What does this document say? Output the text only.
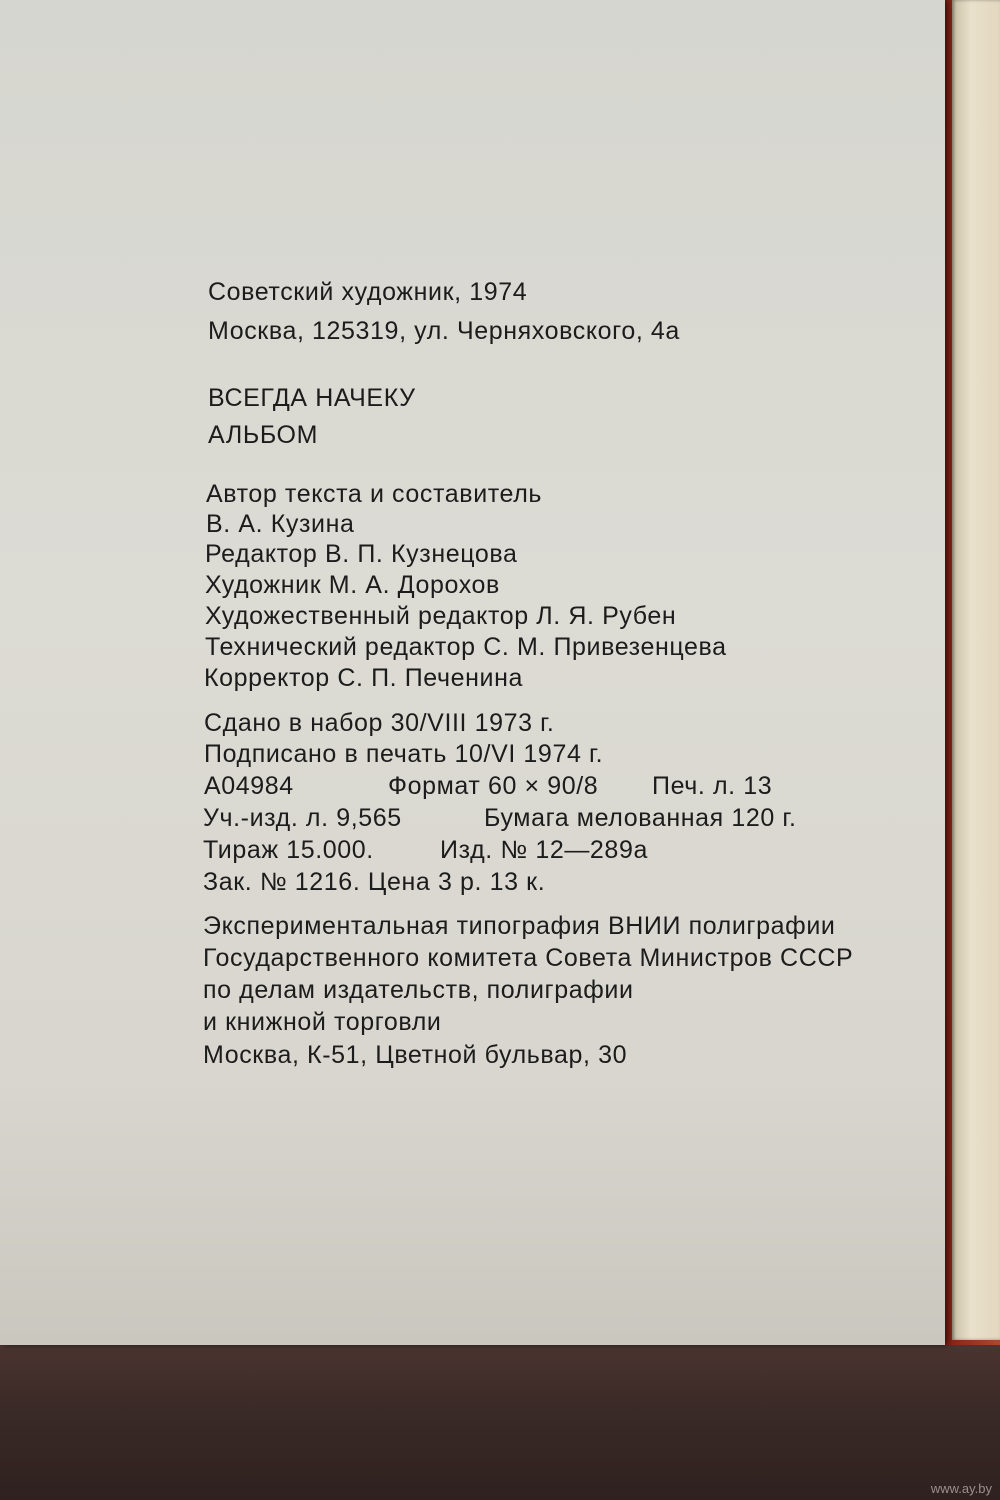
Советский художник, 1974

Москва, 125319, ул. Черняховского, 4а

ВСЕГДА НАЧЕКУ

АЛЬБОМ

Автор текста и составитель

В. А. Кузина

Редактор В. П. Кузнецова

Художник М. А. Дорохов

Художественный редактор Л. Я. Рубен

Технический редактор С. М. Привезенцева

Корректор С. П. Печенина

Сдано в набор 30/VIII 1973 г.

Подписано в печать 10/VI 1974 г.

А04984	Формат 60 × 90/8 Печ. л. 13

Уч.-изд. л. 9,565	Бумага мелованная 120 г.

Тираж 15.000.	Изд. № 12—289а

Зак. № 1216. Цена 3 р. 13 к.

Экспериментальная типография ВНИИ полиграфии

Государственного комитета Совета Министров СССР

по делам издательств, полиграфии

и книжной торговли

Москва, К-51, Цветной бульвар, 30

www.ay.by
